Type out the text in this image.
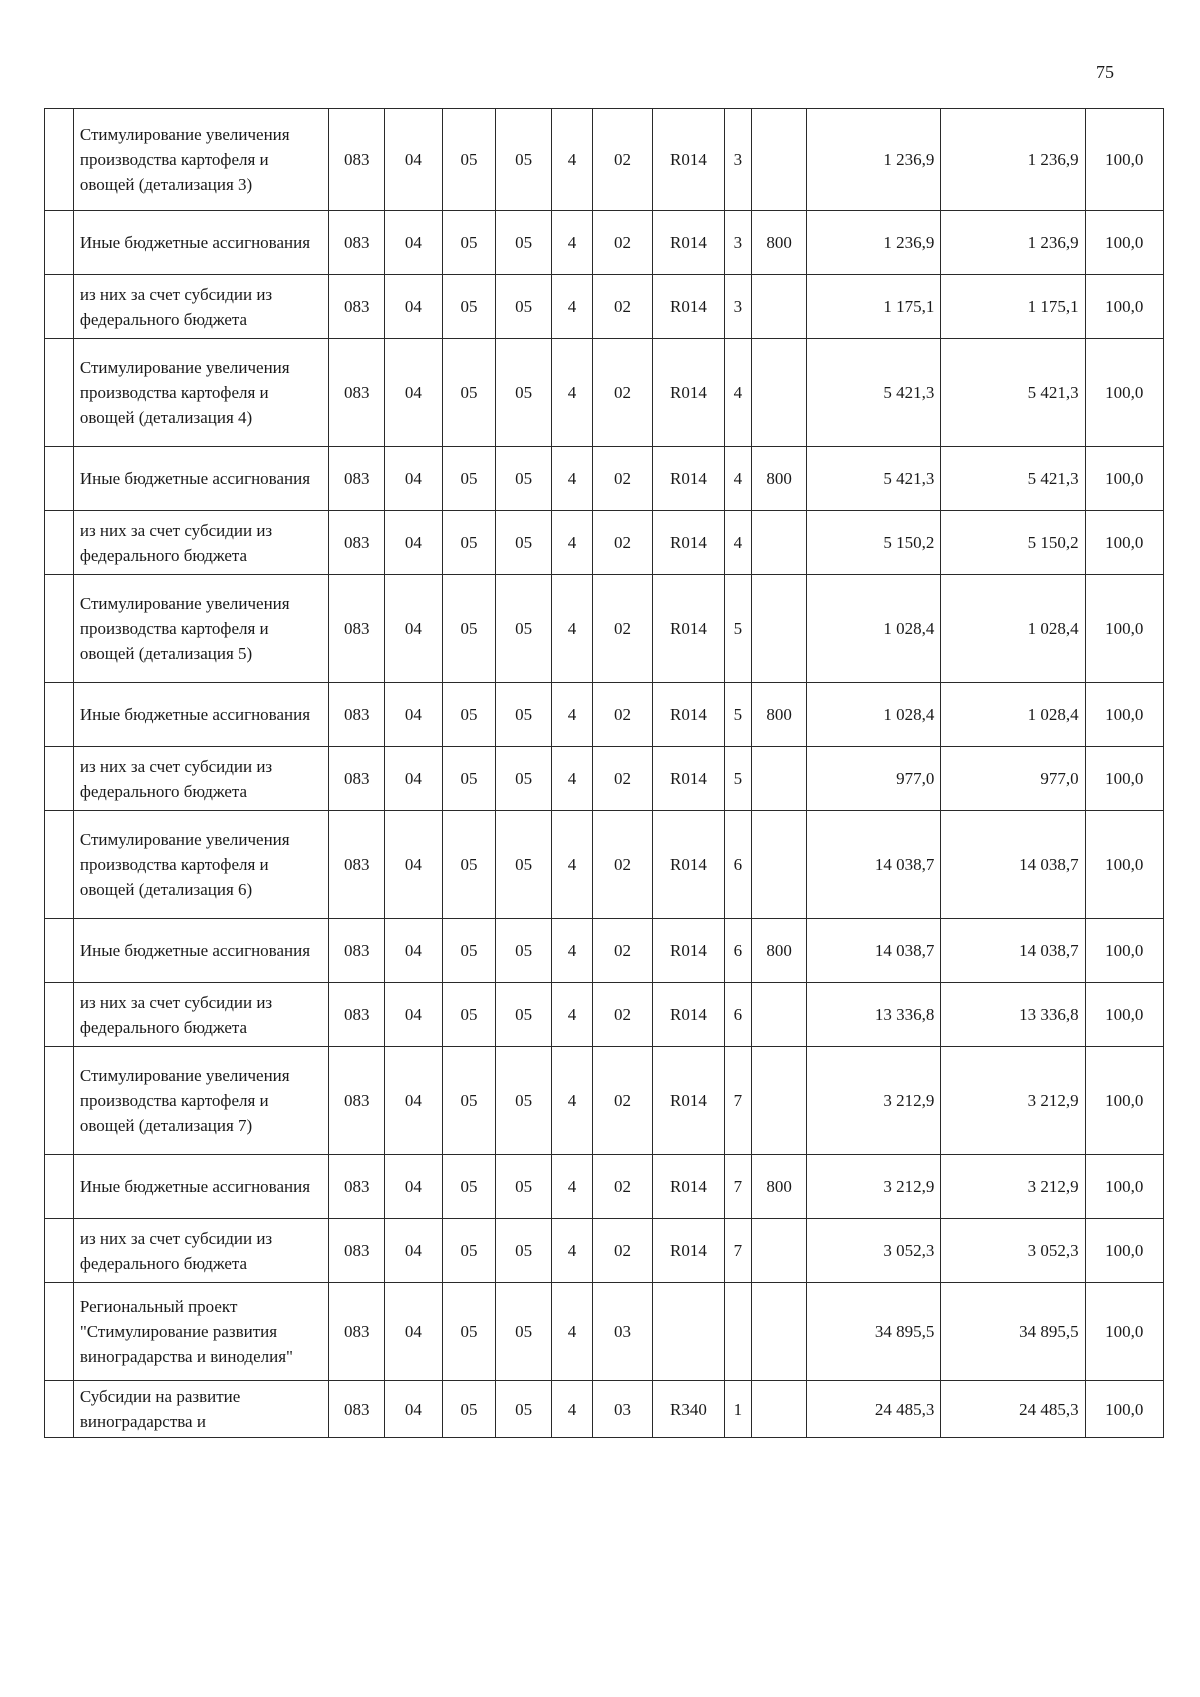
75
	Стимулирование увеличения производства картофеля и овощей (детализация 3)	083	04	05	05	4	02	R014	3		1 236,9	1 236,9	100,0
	Иные бюджетные ассигнования	083	04	05	05	4	02	R014	3	800	1 236,9	1 236,9	100,0
	из них за счет субсидии из федерального бюджета	083	04	05	05	4	02	R014	3		1 175,1	1 175,1	100,0
	Стимулирование увеличения производства картофеля и овощей (детализация 4)	083	04	05	05	4	02	R014	4		5 421,3	5 421,3	100,0
	Иные бюджетные ассигнования	083	04	05	05	4	02	R014	4	800	5 421,3	5 421,3	100,0
	из них за счет субсидии из федерального бюджета	083	04	05	05	4	02	R014	4		5 150,2	5 150,2	100,0
	Стимулирование увеличения производства картофеля и овощей (детализация 5)	083	04	05	05	4	02	R014	5		1 028,4	1 028,4	100,0
	Иные бюджетные ассигнования	083	04	05	05	4	02	R014	5	800	1 028,4	1 028,4	100,0
	из них за счет субсидии из федерального бюджета	083	04	05	05	4	02	R014	5		977,0	977,0	100,0
	Стимулирование увеличения производства картофеля и овощей (детализация 6)	083	04	05	05	4	02	R014	6		14 038,7	14 038,7	100,0
	Иные бюджетные ассигнования	083	04	05	05	4	02	R014	6	800	14 038,7	14 038,7	100,0
	из них за счет субсидии из федерального бюджета	083	04	05	05	4	02	R014	6		13 336,8	13 336,8	100,0
	Стимулирование увеличения производства картофеля и овощей (детализация 7)	083	04	05	05	4	02	R014	7		3 212,9	3 212,9	100,0
	Иные бюджетные ассигнования	083	04	05	05	4	02	R014	7	800	3 212,9	3 212,9	100,0
	из них за счет субсидии из федерального бюджета	083	04	05	05	4	02	R014	7		3 052,3	3 052,3	100,0
	Региональный проект "Стимулирование развития виноградарства и виноделия"	083	04	05	05	4	03				34 895,5	34 895,5	100,0
	Субсидии на развитие виноградарства и	083	04	05	05	4	03	R340	1		24 485,3	24 485,3	100,0
